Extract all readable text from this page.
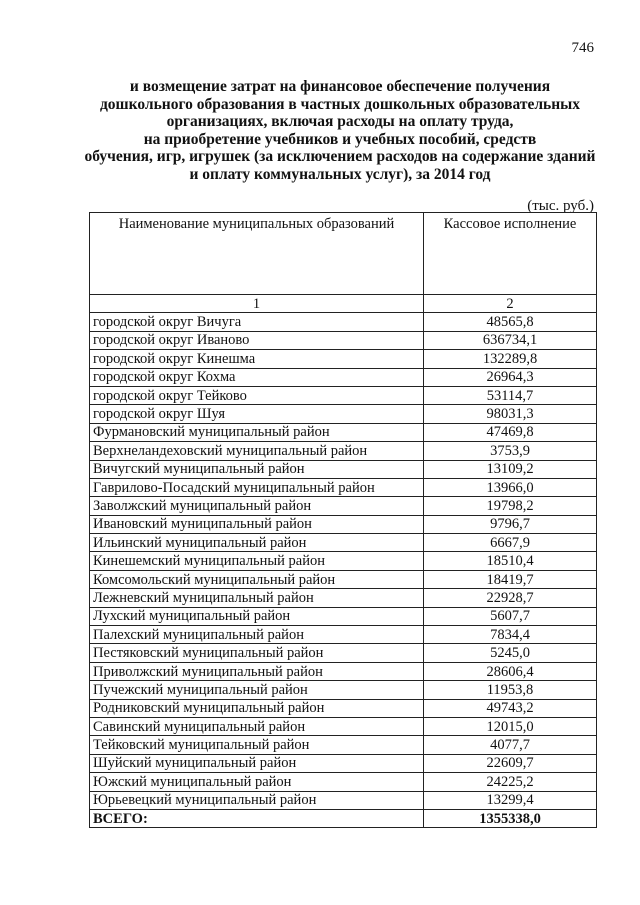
746
и возмещение затрат на финансовое обеспечение получения
дошкольного образования в частных дошкольных образовательных
организациях, включая расходы на оплату труда,
на приобретение учебников и учебных пособий, средств
обучения, игр, игрушек (за исключением расходов на содержание зданий
и оплату коммунальных услуг), за 2014 год
(тыс. руб.)
Наименование муниципальных образований	Кассовое исполнение
1	2
городской округ Вичуга	48565,8
городской округ Иваново	636734,1
городской округ Кинешма	132289,8
городской округ Кохма	26964,3
городской округ Тейково	53114,7
городской округ Шуя	98031,3
Фурмановский муниципальный район	47469,8
Верхнеландеховский муниципальный район	3753,9
Вичугский муниципальный район	13109,2
Гаврилово-Посадский муниципальный район	13966,0
Заволжский муниципальный район	19798,2
Ивановский муниципальный район	9796,7
Ильинский муниципальный район	6667,9
Кинешемский муниципальный район	18510,4
Комсомольский муниципальный район	18419,7
Лежневский муниципальный район	22928,7
Лухский муниципальный район	5607,7
Палехский муниципальный район	7834,4
Пестяковский муниципальный район	5245,0
Приволжский муниципальный район	28606,4
Пучежский муниципальный район	11953,8
Родниковский муниципальный район	49743,2
Савинский муниципальный район	12015,0
Тейковский муниципальный район	4077,7
Шуйский муниципальный район	22609,7
Южский муниципальный район	24225,2
Юрьевецкий муниципальный район	13299,4
ВСЕГО:	1355338,0
